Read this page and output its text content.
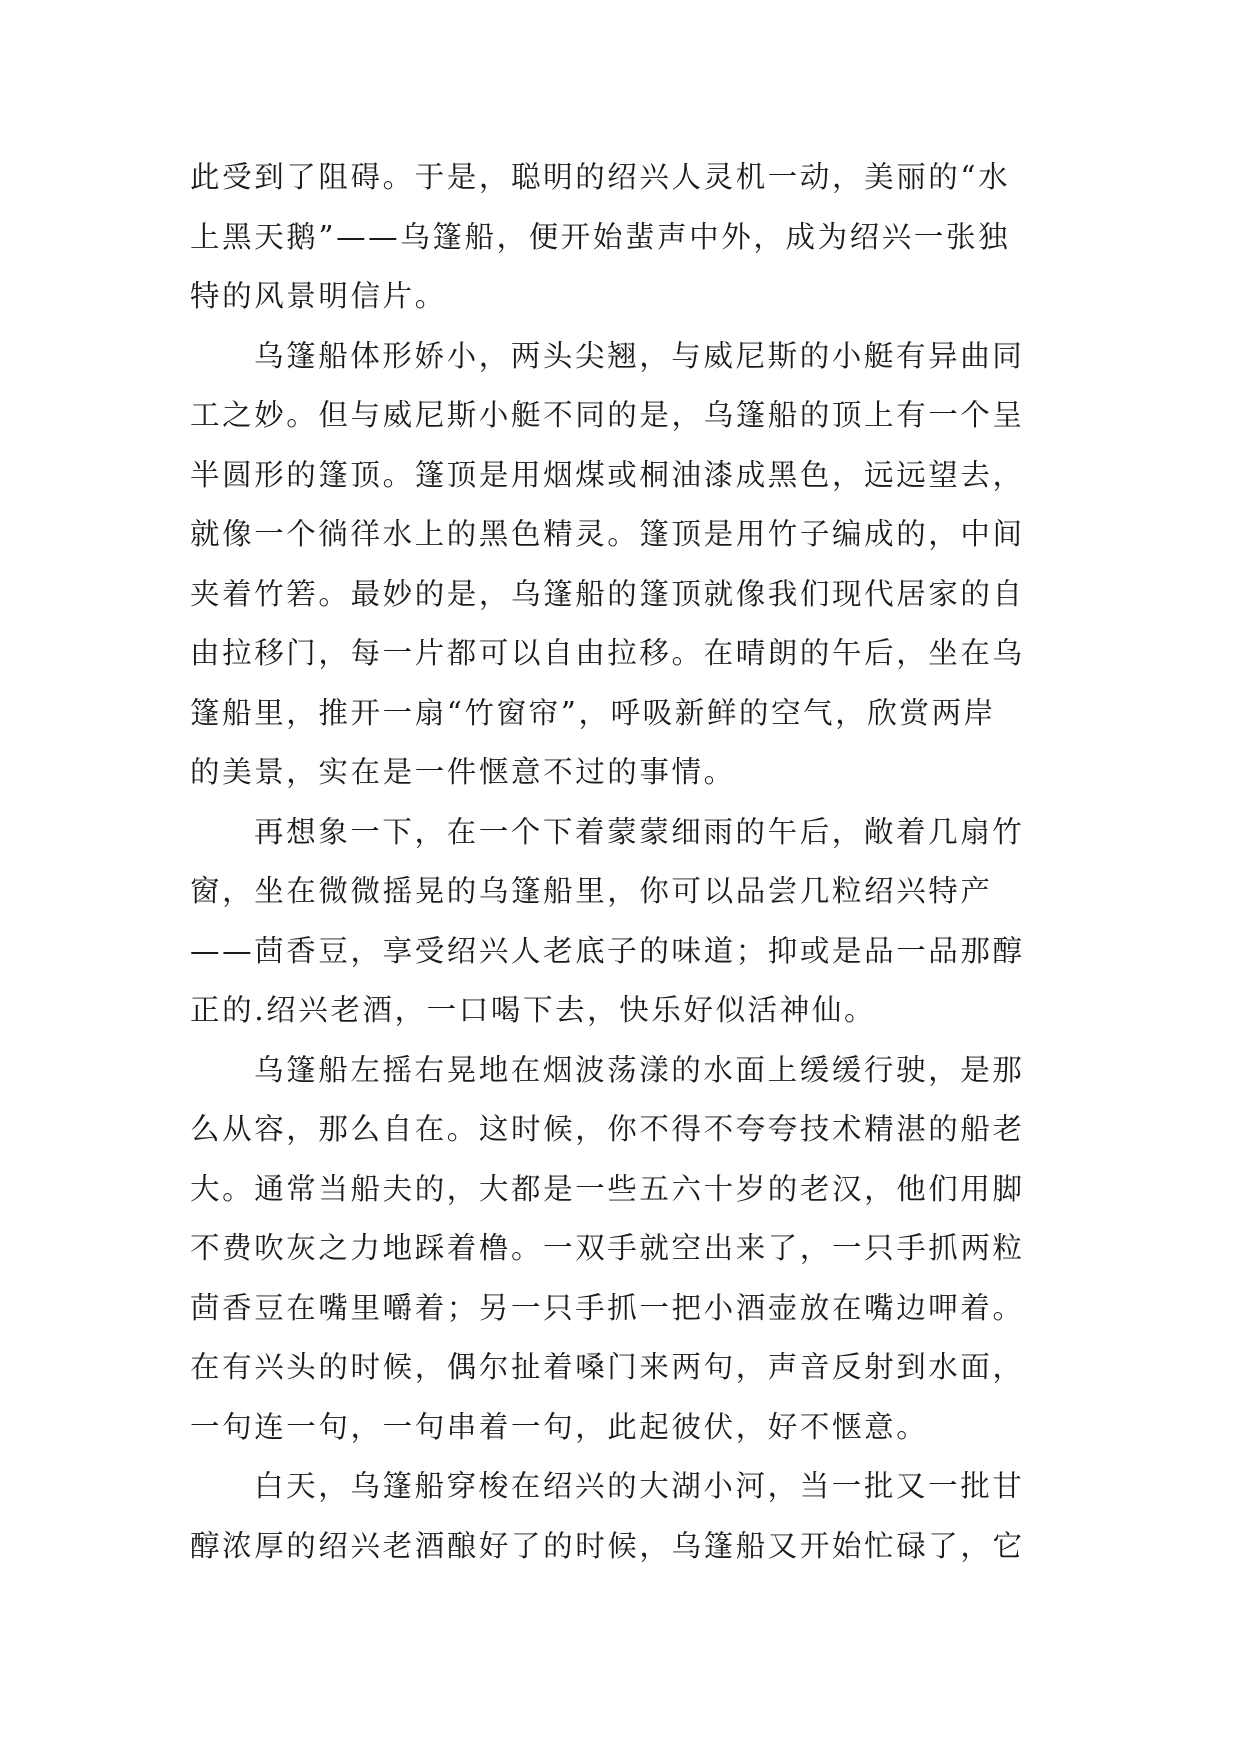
此受到了阻碍。于是，聪明的绍兴人灵机一动，美丽的“水
上黑天鹅”——乌篷船，便开始蜚声中外，成为绍兴一张独
特的风景明信片。
乌篷船体形娇小，两头尖翘，与威尼斯的小艇有异曲同
工之妙。但与威尼斯小艇不同的是，乌篷船的顶上有一个呈
半圆形的篷顶。篷顶是用烟煤或桐油漆成黑色，远远望去，
就像一个徜徉水上的黑色精灵。篷顶是用竹子编成的，中间
夹着竹箬。最妙的是，乌篷船的篷顶就像我们现代居家的自
由拉移门，每一片都可以自由拉移。在晴朗的午后，坐在乌
篷船里，推开一扇“竹窗帘”，呼吸新鲜的空气，欣赏两岸
的美景，实在是一件惬意不过的事情。
再想象一下，在一个下着蒙蒙细雨的午后，敞着几扇竹
窗，坐在微微摇晃的乌篷船里，你可以品尝几粒绍兴特产
——茴香豆，享受绍兴人老底子的味道；抑或是品一品那醇
正的.绍兴老酒，一口喝下去，快乐好似活神仙。
乌篷船左摇右晃地在烟波荡漾的水面上缓缓行驶，是那
么从容，那么自在。这时候，你不得不夸夸技术精湛的船老
大。通常当船夫的，大都是一些五六十岁的老汉，他们用脚
不费吹灰之力地踩着橹。一双手就空出来了，一只手抓两粒
茴香豆在嘴里嚼着；另一只手抓一把小酒壶放在嘴边呷着。
在有兴头的时候，偶尔扯着嗓门来两句，声音反射到水面，
一句连一句，一句串着一句，此起彼伏，好不惬意。
白天，乌篷船穿梭在绍兴的大湖小河，当一批又一批甘
醇浓厚的绍兴老酒酿好了的时候，乌篷船又开始忙碌了，它
